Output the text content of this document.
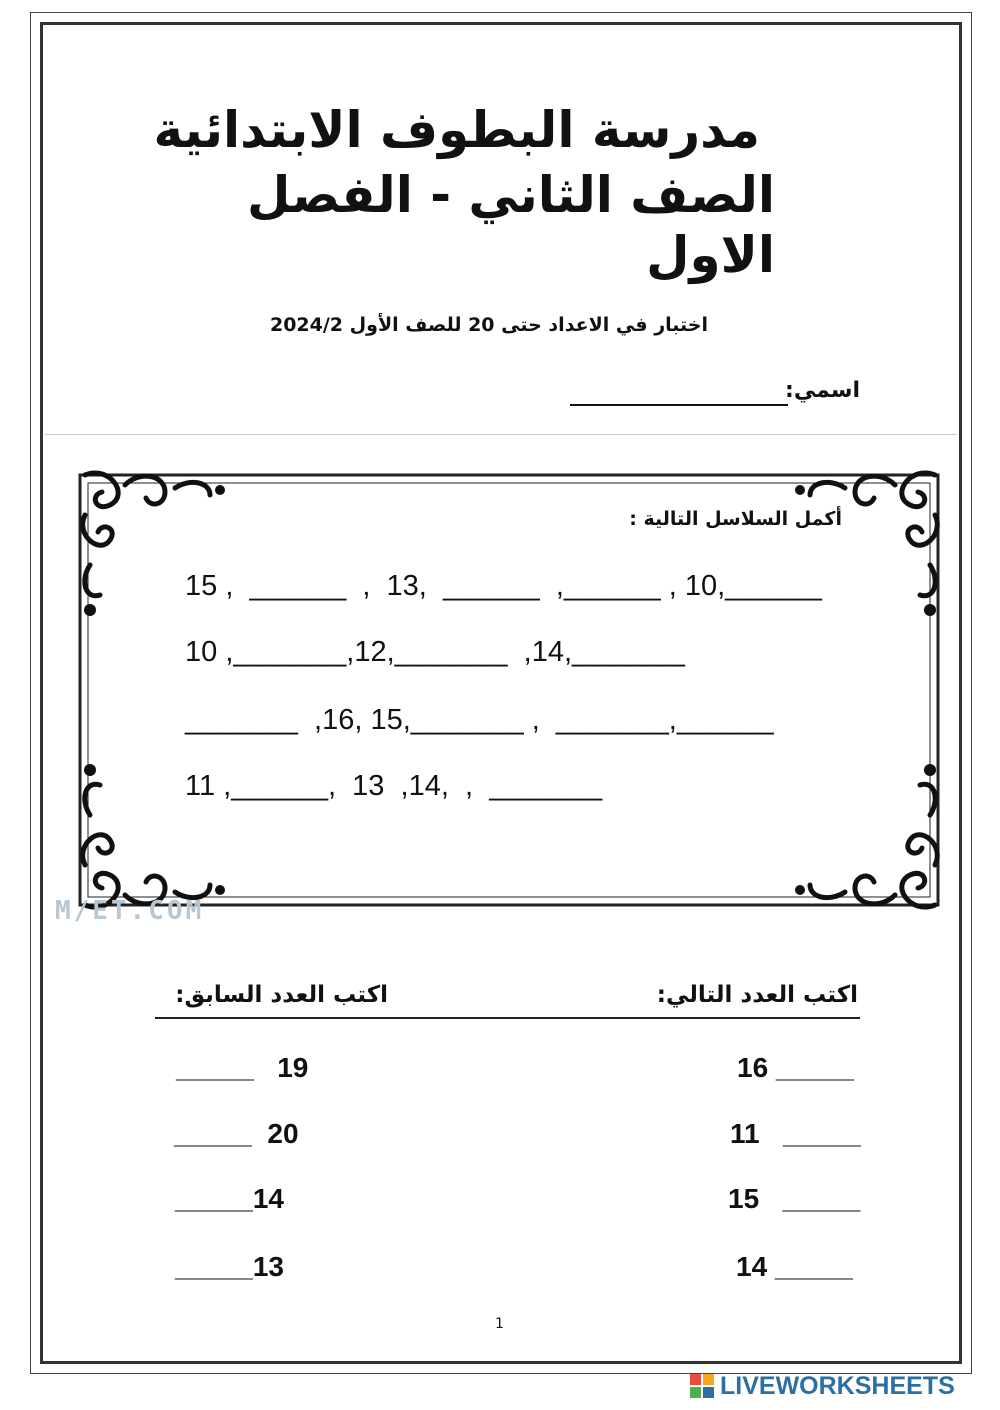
مدرسة البطوف الابتدائية
الصف الثاني - الفصل الاول
اختبار في الاعداد حتى 20 للصف الأول 2024/2
اسمي:
M/ET.COM
أكمل السلاسل التالية :
15 ,  ______  ,  13,  ______  ,______ , 10,______
10 ,_______,12,_______  ,14,_______
_______  ,16, 15,_______ ,  _______,______
11 ,______,  13  ,14,  ,  _______
اكتب العدد التالي:
اكتب العدد السابق:
16 _____
11   _____
15   _____
14 _____
_____   19
_____  20
_____14
_____13
1
LIVEWORKSHEETS
